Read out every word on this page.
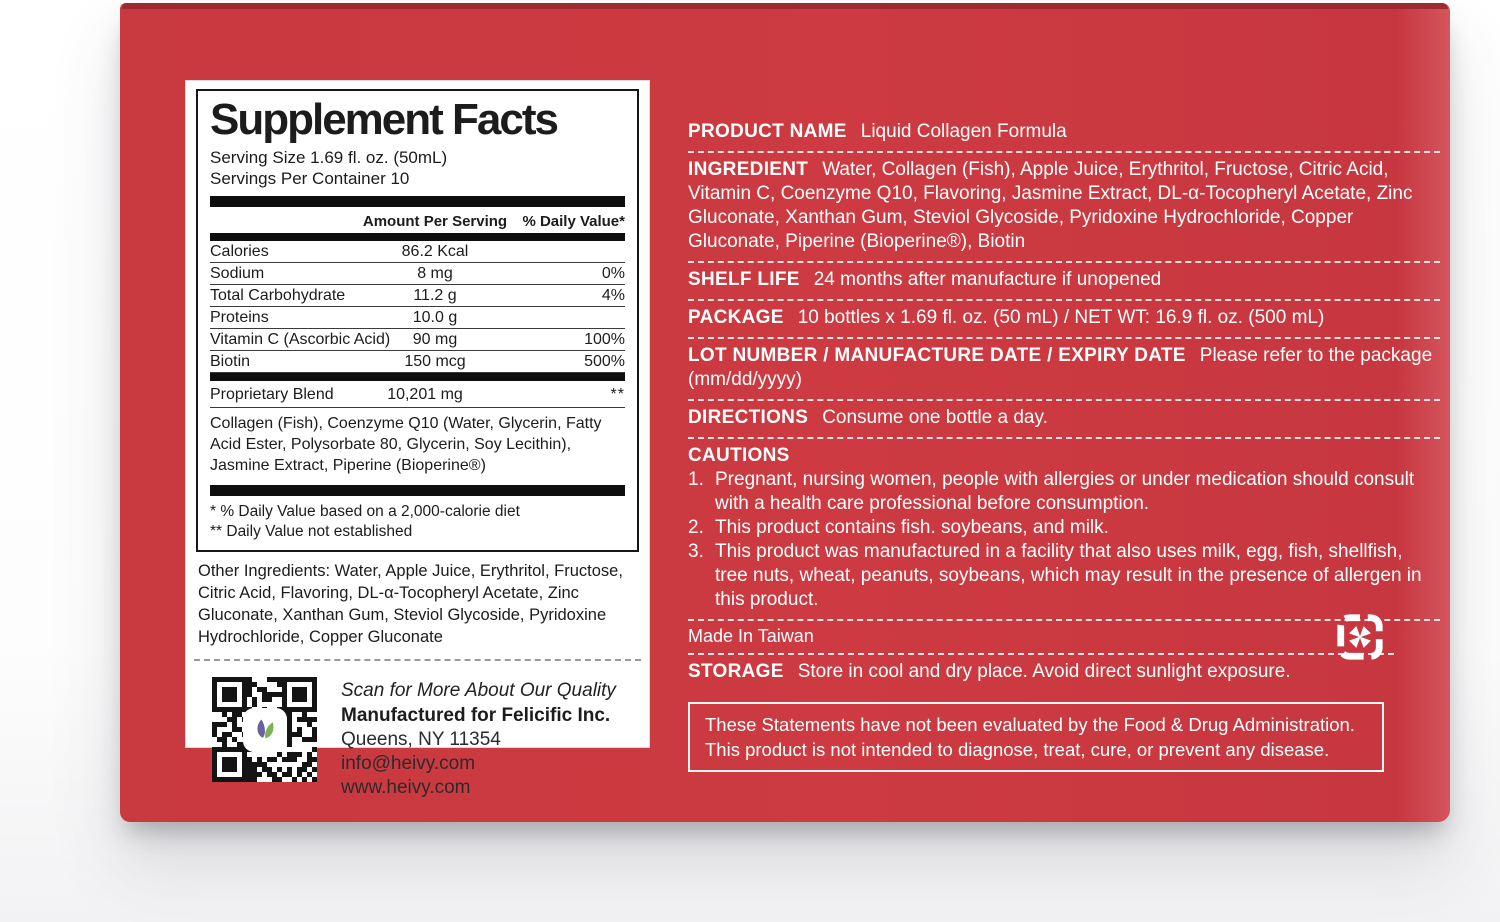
Supplement Facts
Serving Size 1.69 fl. oz. (50mL)
Servings Per Container 10
Amount Per Serving % Daily Value*
Calories	86.2 Kcal
Sodium	8 mg	0%
Total Carbohydrate	11.2 g	4%
Proteins	10.0 g
Vitamin C (Ascorbic Acid)	90 mg	100%
Biotin	150 mcg	500%
Proprietary Blend	10,201 mg	**
Collagen (Fish), Coenzyme Q10 (Water, Glycerin, Fatty Acid Ester, Polysorbate 80, Glycerin, Soy Lecithin), Jasmine Extract, Piperine (Bioperine®)
* % Daily Value based on a 2,000-calorie diet
** Daily Value not established
Other Ingredients: Water, Apple Juice, Erythritol, Fructose, Citric Acid, Flavoring, DL-α-Tocopheryl Acetate, Zinc Gluconate, Xanthan Gum, Steviol Glycoside, Pyridoxine Hydrochloride, Copper Gluconate
Scan for More About Our Quality
Manufactured for Felicific Inc.
Queens, NY 11354
info@heivy.com
www.heivy.com
PRODUCT NAME Liquid Collagen Formula
INGREDIENT Water, Collagen (Fish), Apple Juice, Erythritol, Fructose, Citric Acid, Vitamin C, Coenzyme Q10, Flavoring, Jasmine Extract, DL-α-Tocopheryl Acetate, Zinc Gluconate, Xanthan Gum, Steviol Glycoside, Pyridoxine Hydrochloride, Copper Gluconate, Piperine (Bioperine®), Biotin
SHELF LIFE 24 months after manufacture if unopened
PACKAGE 10 bottles x 1.69 fl. oz. (50 mL) / NET WT: 16.9 fl. oz. (500 mL)
LOT NUMBER / MANUFACTURE DATE / EXPIRY DATE Please refer to the package (mm/dd/yyyy)
DIRECTIONS Consume one bottle a day.
CAUTIONS
1. Pregnant, nursing women, people with allergies or under medication should consult with a health care professional before consumption.
2. This product contains fish. soybeans, and milk.
3. This product was manufactured in a facility that also uses milk, egg, fish, shellfish, tree nuts, wheat, peanuts, soybeans, which may result in the presence of allergen in this product.
Made In Taiwan
STORAGE Store in cool and dry place. Avoid direct sunlight exposure.
These Statements have not been evaluated by the Food & Drug Administration.
This product is not intended to diagnose, treat, cure, or prevent any disease.
